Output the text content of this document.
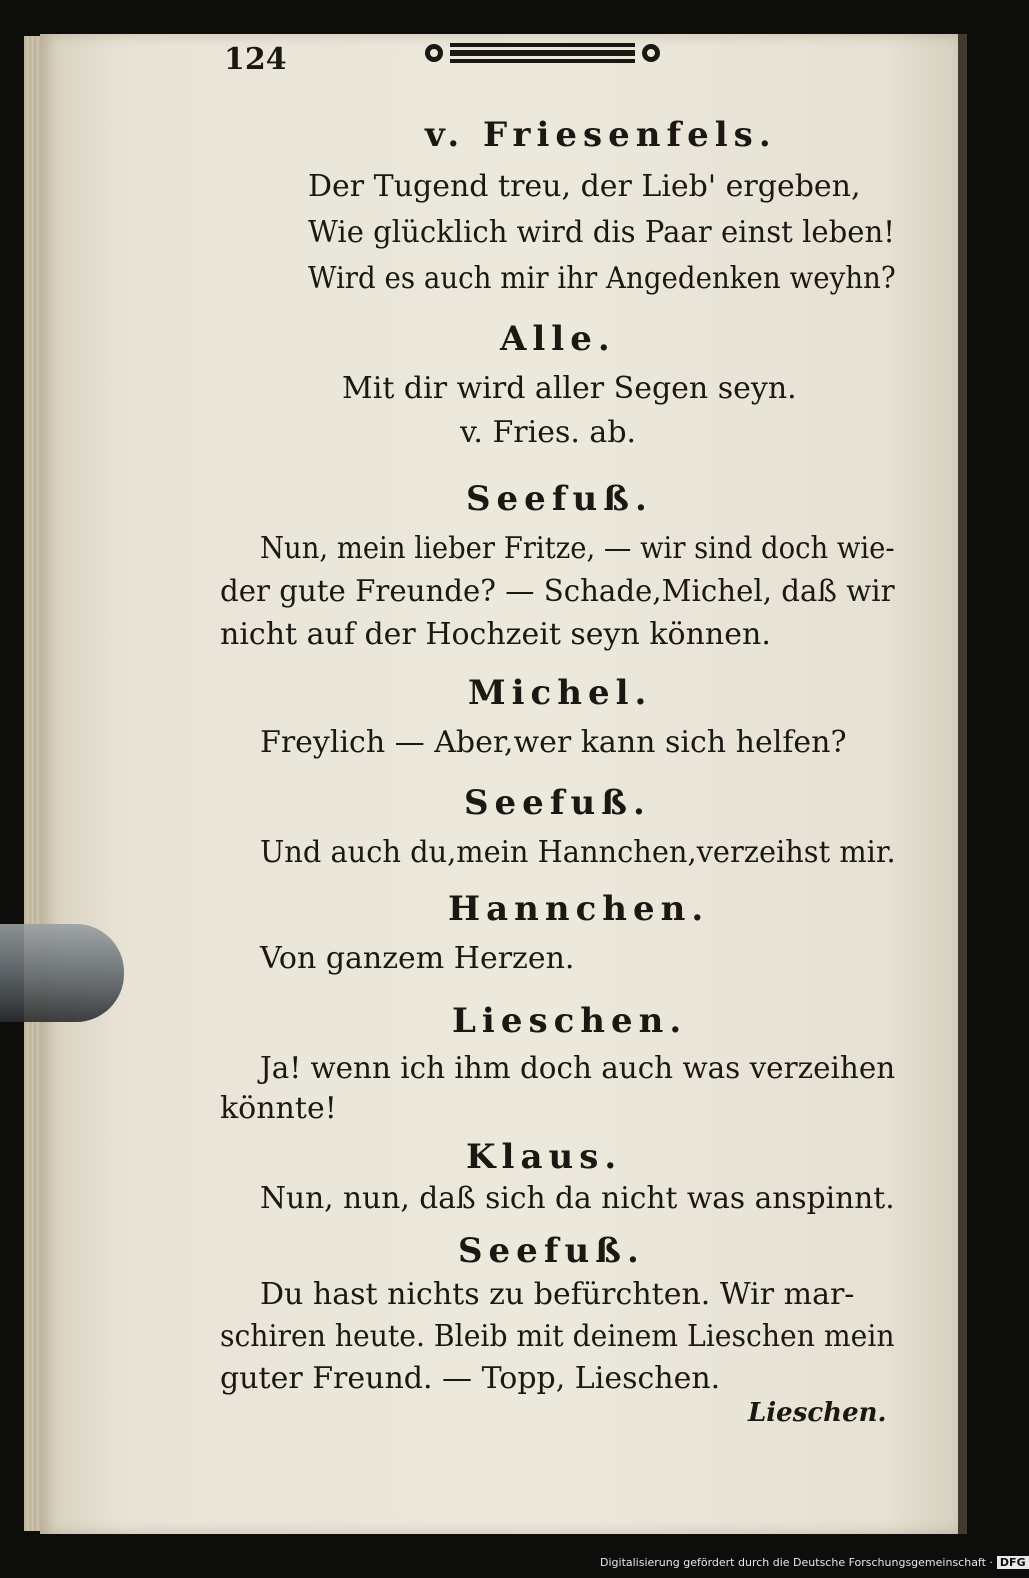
124

v. Friesenfels.

Der Tugend treu, der Lieb' ergeben,

Wie glücklich wird dis Paar einst leben!

Wird es auch mir ihr Angedenken weyhn?

Alle.

Mit dir wird aller Segen seyn.

v. Fries. ab.

Seefuß.

Nun, mein lieber Fritze, — wir sind doch wie-

der gute Freunde? — Schade,Michel, daß wir

nicht auf der Hochzeit seyn können.

Michel.

Freylich — Aber,wer kann sich helfen?

Seefuß.

Und auch du,mein Hannchen,verzeihst mir.

Hannchen.

Von ganzem Herzen.

Lieschen.

Ja! wenn ich ihm doch auch was verzeihen

könnte!

Klaus.

Nun, nun, daß sich da nicht was anspinnt.

Seefuß.

Du hast nichts zu befürchten. Wir mar-

schiren heute. Bleib mit deinem Lieschen mein

guter Freund. — Topp, Lieschen.

Lieschen.
Digitalisierung gefördert durch die Deutsche Forschungsgemeinschaft · DFG
